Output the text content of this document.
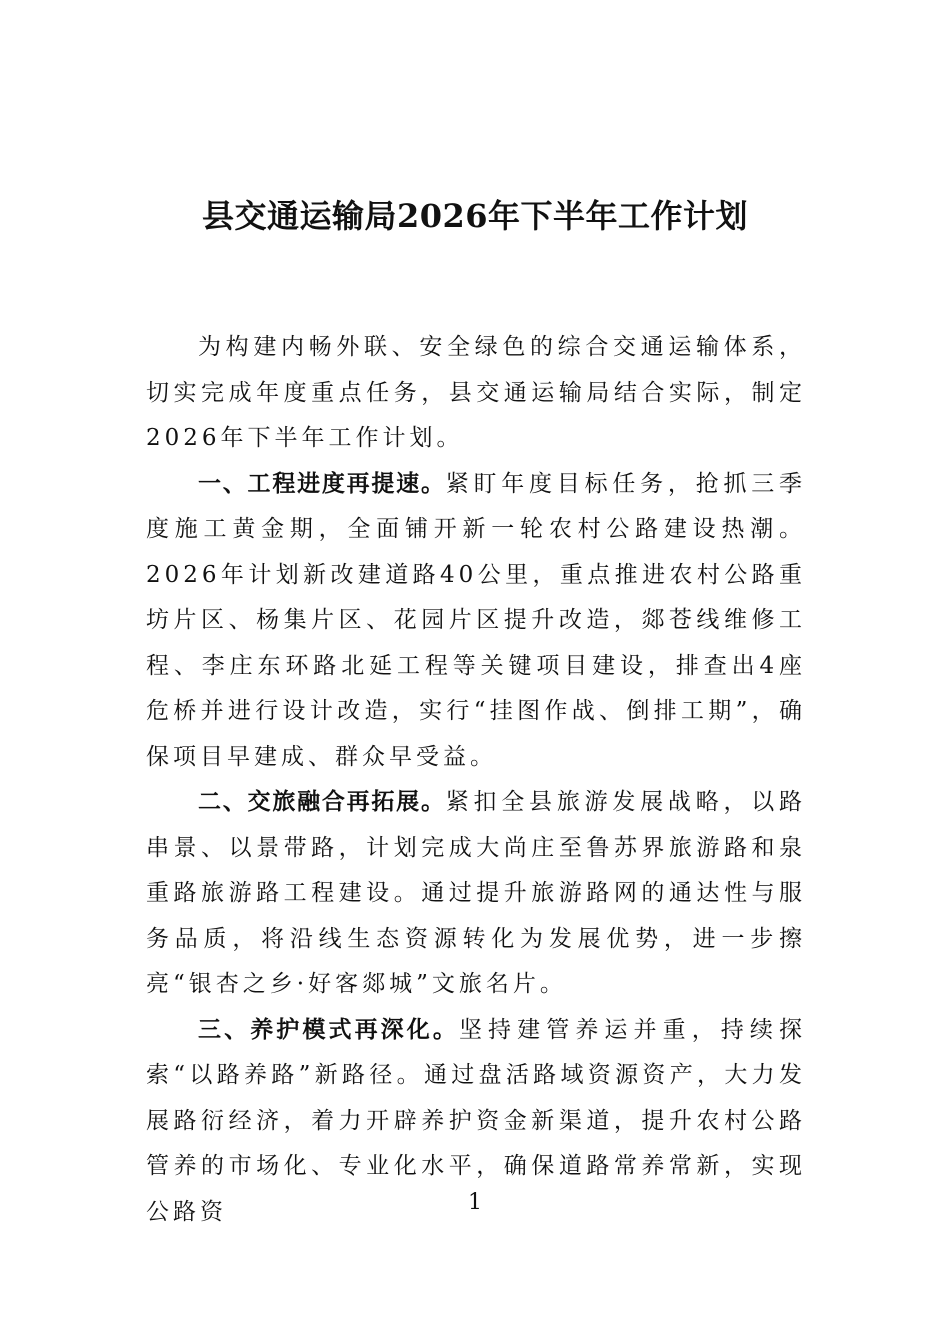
县交通运输局2026年下半年工作计划

为构建内畅外联、安全绿色的综合交通运输体系，切实完成年度重点任务，县交通运输局结合实际，制定2026年下半年工作计划。

一、工程进度再提速。紧盯年度目标任务，抢抓三季度施工黄金期，全面铺开新一轮农村公路建设热潮。2026年计划新改建道路40公里，重点推进农村公路重坊片区、杨集片区、花园片区提升改造，郯苍线维修工程、李庄东环路北延工程等关键项目建设，排查出4座危桥并进行设计改造，实行“挂图作战、倒排工期”，确保项目早建成、群众早受益。

二、交旅融合再拓展。紧扣全县旅游发展战略，以路串景、以景带路，计划完成大尚庄至鲁苏界旅游路和泉重路旅游路工程建设。通过提升旅游路网的通达性与服务品质，将沿线生态资源转化为发展优势，进一步擦亮“银杏之乡·好客郯城”文旅名片。

三、养护模式再深化。坚持建管养运并重，持续探索“以路养路”新路径。通过盘活路域资源资产，大力发展路衍经济，着力开辟养护资金新渠道，提升农村公路管养的市场化、专业化水平，确保道路常养常新，实现公路资	1
